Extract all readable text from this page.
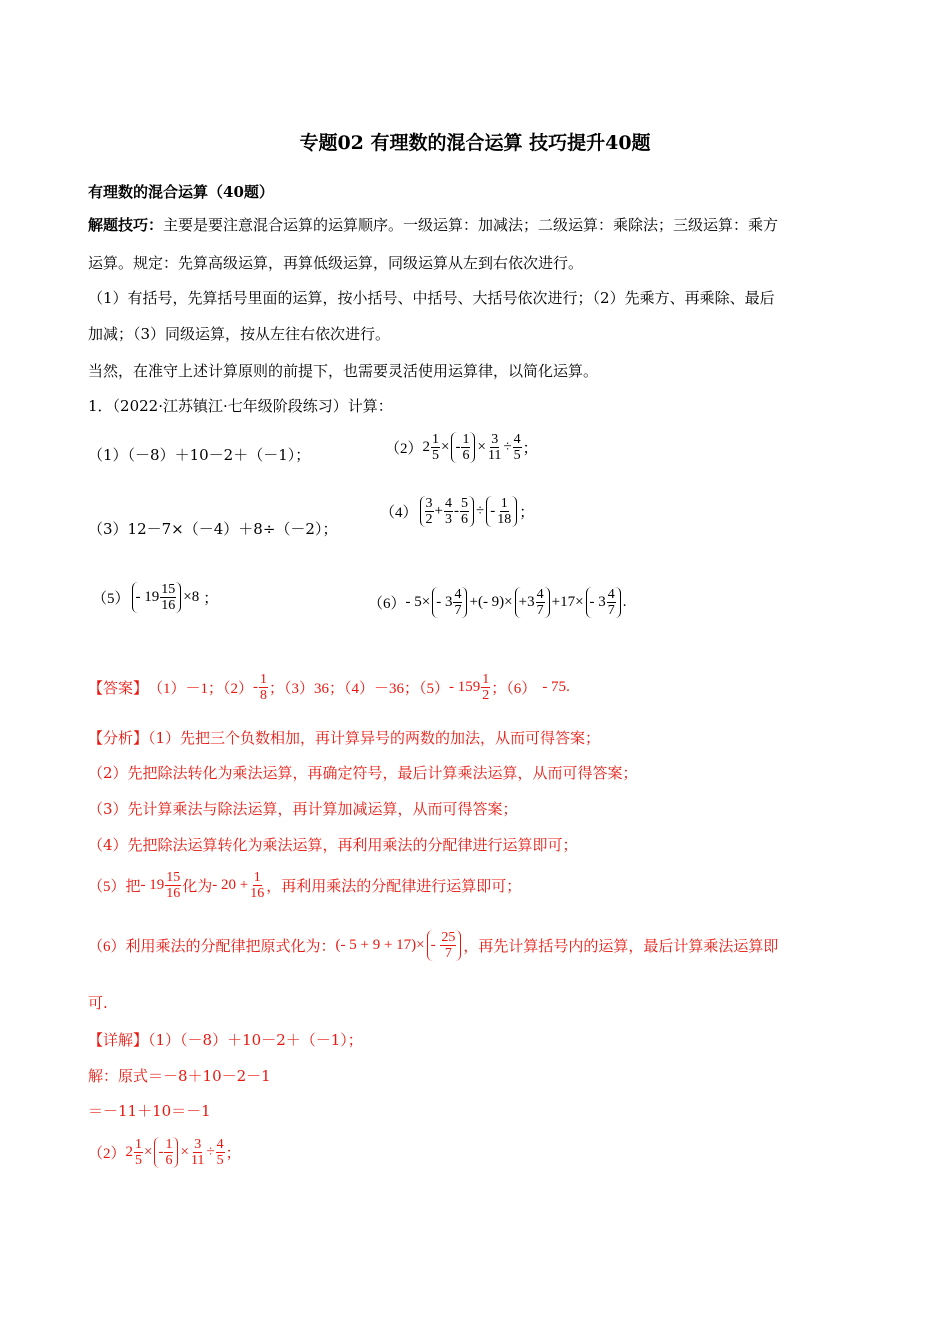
专题02 有理数的混合运算 技巧提升40题
有理数的混合运算（40题）
解题技巧：主要是要注意混合运算的运算顺序。一级运算：加减法；二级运算：乘除法；三级运算：乘方
运算。规定：先算高级运算，再算低级运算，同级运算从左到右依次进行。
（1）有括号，先算括号里面的运算，按小括号、中括号、大括号依次进行；（2）先乘方、再乘除、最后
加减；（3）同级运算，按从左往右依次进行。
当然，在准守上述计算原则的前提下，也需要灵活使用运算律，以简化运算。
1．（2022·江苏镇江·七年级阶段练习）计算：
（1）（－8）＋10－2＋（－1）；	（2） $2 \frac{1}{5}$ × - $\frac{1}{6} \times \frac{3}{11} \div \frac{4}{5}$ ；
（3）12－7×（－4）＋8÷（－2）；
$(4) \frac{3}{2} + \frac{4}{3} - \frac{5}{6}$ ÷ - $\frac{1}{18}$ ；
$(5) - 19 \frac{15}{16} \times 8$ ；	$(6) - 5\times - 3 \frac{4}{7}$ +(- $9)\times +3 \frac{4}{7} +17\times - 3 \frac{4}{7}$ .
【答案】 （1）－1；$(2) - \frac{1}{8}$ ；（3）36；（4）－36；$(5) - 159 \frac{1}{2}$ ；（6） - 75 .
【分析】（1）先把三个负数相加，再计算异号的两数的加法，从而可得答案；
（2）先把除法转化为乘法运算，再确定符号，最后计算乘法运算，从而可得答案；
（3）先计算乘法与除法运算，再计算加减运算，从而可得答案；
（4）先把除法运算转化为乘法运算，再利用乘法的分配律进行运算即可；
（5）把 - $19 \frac{15}{16}$ 化为 - $20 + \frac{1}{16}$ ，再利用乘法的分配律进行运算即可；
（6）利用乘法的分配律把原式化为： (- $5 + 9 + 17)\times - \frac{25}{7}$ ，再先计算括号内的运算，最后计算乘法运算即
可.
【详解】（1）（－8）＋10－2＋（－1）；
解：原式＝－8＋10－2－1
＝－11＋10＝－1
（2） $2 \frac{1}{5}$ × - $\frac{1}{6} \times \frac{3}{11} \div \frac{4}{5}$ ；
